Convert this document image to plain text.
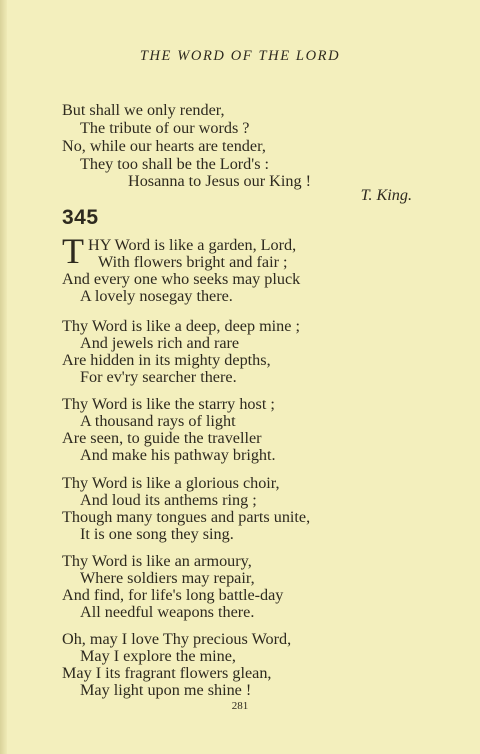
THE WORD OF THE LORD
But shall we only render,
The tribute of our words ?
No, while our hearts are tender,
They too shall be the Lord's :
Hosanna to Jesus our King !
T. King.
345
T HY Word is like a garden, Lord,
With flowers bright and fair ;
And every one who seeks may pluck
A lovely nosegay there.
Thy Word is like a deep, deep mine ;
And jewels rich and rare
Are hidden in its mighty depths,
For ev'ry searcher there.
Thy Word is like the starry host ;
A thousand rays of light
Are seen, to guide the traveller
And make his pathway bright.
Thy Word is like a glorious choir,
And loud its anthems ring ;
Though many tongues and parts unite,
It is one song they sing.
Thy Word is like an armoury,
Where soldiers may repair,
And find, for life's long battle-day
All needful weapons there.
Oh, may I love Thy precious Word,
May I explore the mine,
May I its fragrant flowers glean,
May light upon me shine !
281
